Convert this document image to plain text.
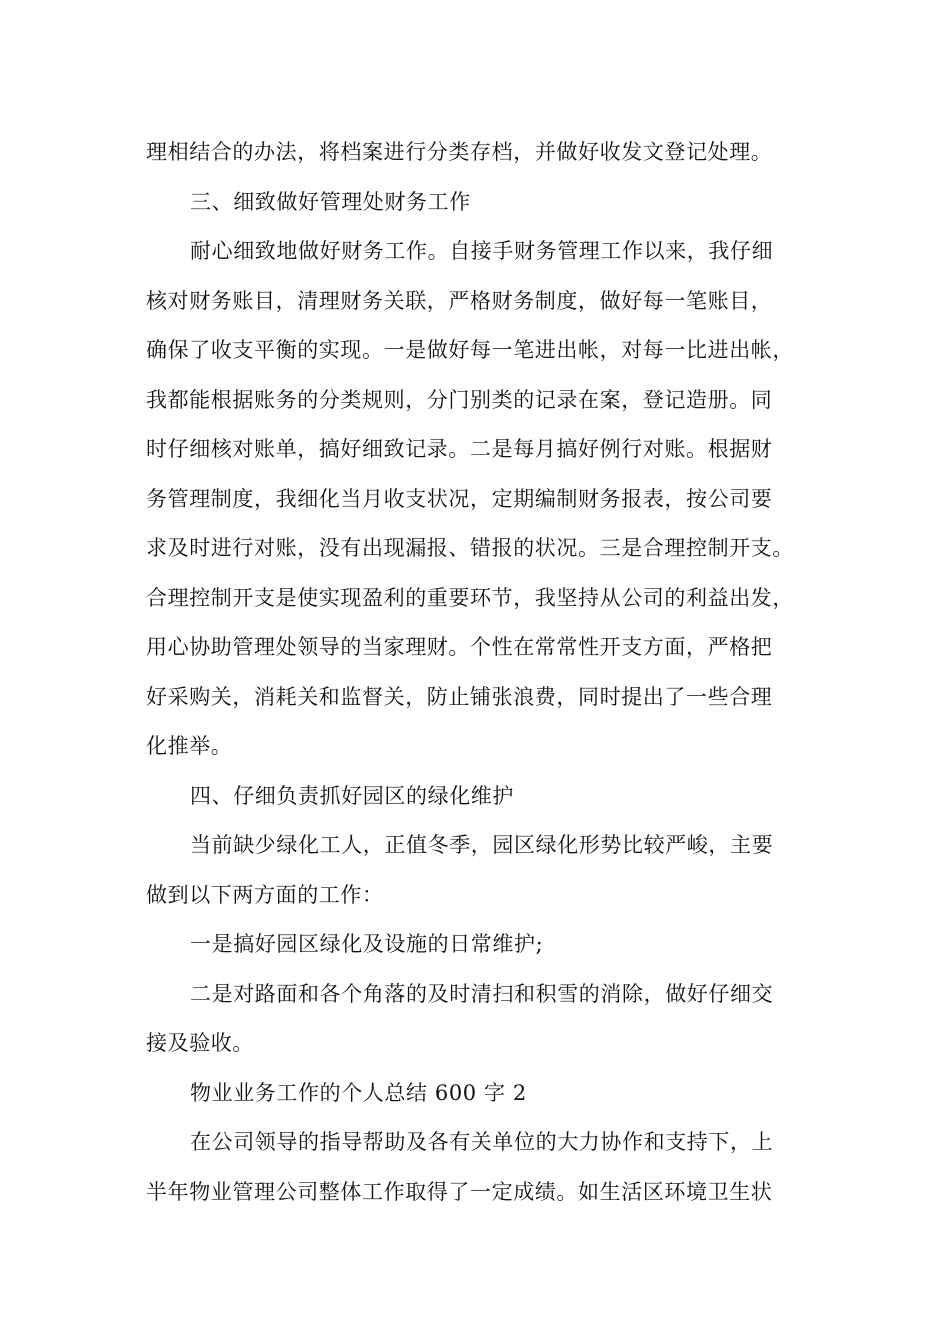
理相结合的办法，将档案进行分类存档，并做好收发文登记处理。
三、细致做好管理处财务工作
耐心细致地做好财务工作。自接手财务管理工作以来，我仔细
核对财务账目，清理财务关联，严格财务制度，做好每一笔账目，
确保了收支平衡的实现。一是做好每一笔进出帐，对每一比进出帐，
我都能根据账务的分类规则，分门别类的记录在案，登记造册。同
时仔细核对账单，搞好细致记录。二是每月搞好例行对账。根据财
务管理制度，我细化当月收支状况，定期编制财务报表，按公司要
求及时进行对账，没有出现漏报、错报的状况。三是合理控制开支。
合理控制开支是使实现盈利的重要环节，我坚持从公司的利益出发，
用心协助管理处领导的当家理财。个性在常常性开支方面，严格把
好采购关，消耗关和监督关，防止铺张浪费，同时提出了一些合理
化推举。
四、仔细负责抓好园区的绿化维护
当前缺少绿化工人，正值冬季，园区绿化形势比较严峻，主要
做到以下两方面的工作：
一是搞好园区绿化及设施的日常维护;
二是对路面和各个角落的及时清扫和积雪的消除，做好仔细交
接及验收。
物业业务工作的个人总结 600 字 2
在公司领导的指导帮助及各有关单位的大力协作和支持下，上
半年物业管理公司整体工作取得了一定成绩。如生活区环境卫生状
